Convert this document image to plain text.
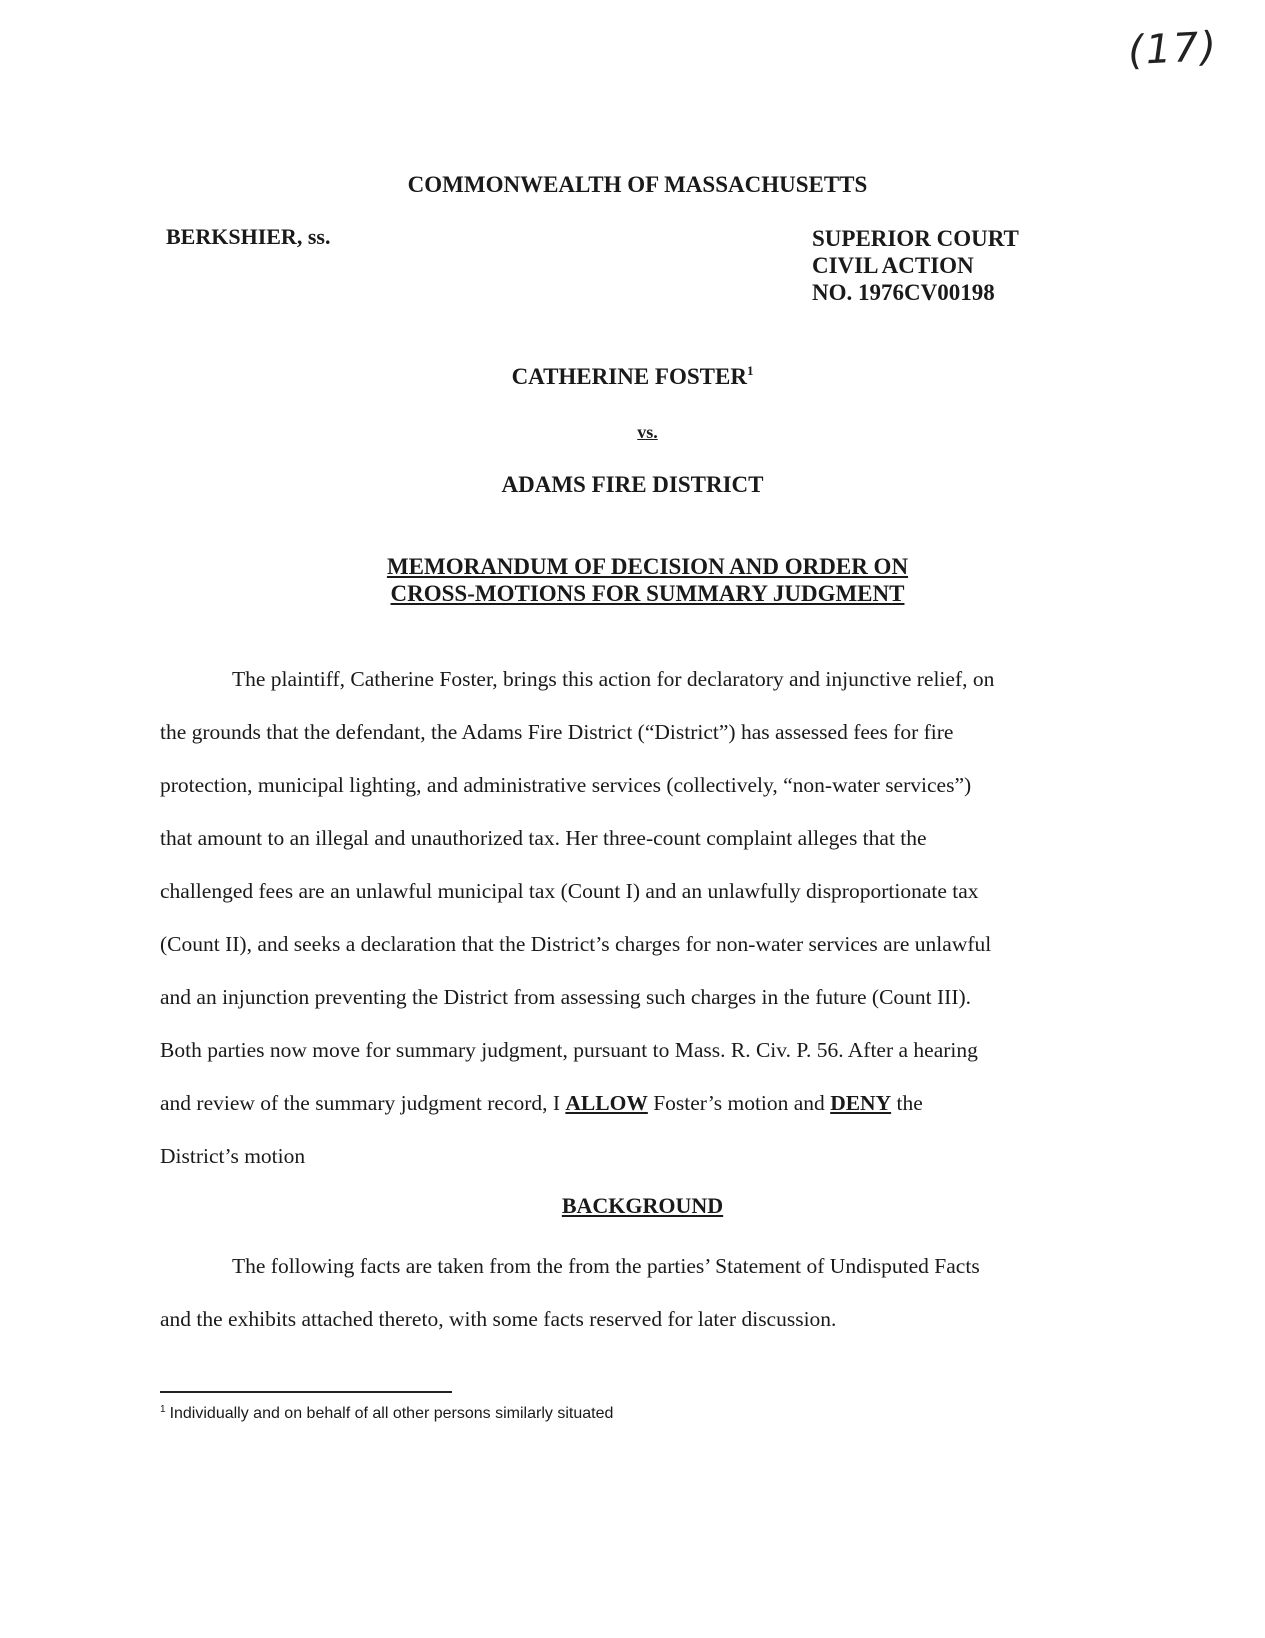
(17)
COMMONWEALTH OF MASSACHUSETTS
BERKSHIER, ss.	SUPERIOR COURT
CIVIL ACTION
NO. 1976CV00198
CATHERINE FOSTER$^1$
vs.
ADAMS FIRE DISTRICT
MEMORANDUM OF DECISION AND ORDER ON
CROSS-MOTIONS FOR SUMMARY JUDGMENT
The plaintiff, Catherine Foster, brings this action for declaratory and injunctive relief, on
the grounds that the defendant, the Adams Fire District (“District”) has assessed fees for fire
protection, municipal lighting, and administrative services (collectively, “non-water services”)
that amount to an illegal and unauthorized tax. Her three-count complaint alleges that the
challenged fees are an unlawful municipal tax (Count I) and an unlawfully disproportionate tax
(Count II), and seeks a declaration that the District’s charges for non-water services are unlawful
and an injunction preventing the District from assessing such charges in the future (Count III).
Both parties now move for summary judgment, pursuant to Mass. R. Civ. P. 56. After a hearing
and review of the summary judgment record, I ALLOW Foster’s motion and DENY the
District’s motion
BACKGROUND
The following facts are taken from the from the parties’ Statement of Undisputed Facts
and the exhibits attached thereto, with some facts reserved for later discussion.
$^1$ Individually and on behalf of all other persons similarly situated
